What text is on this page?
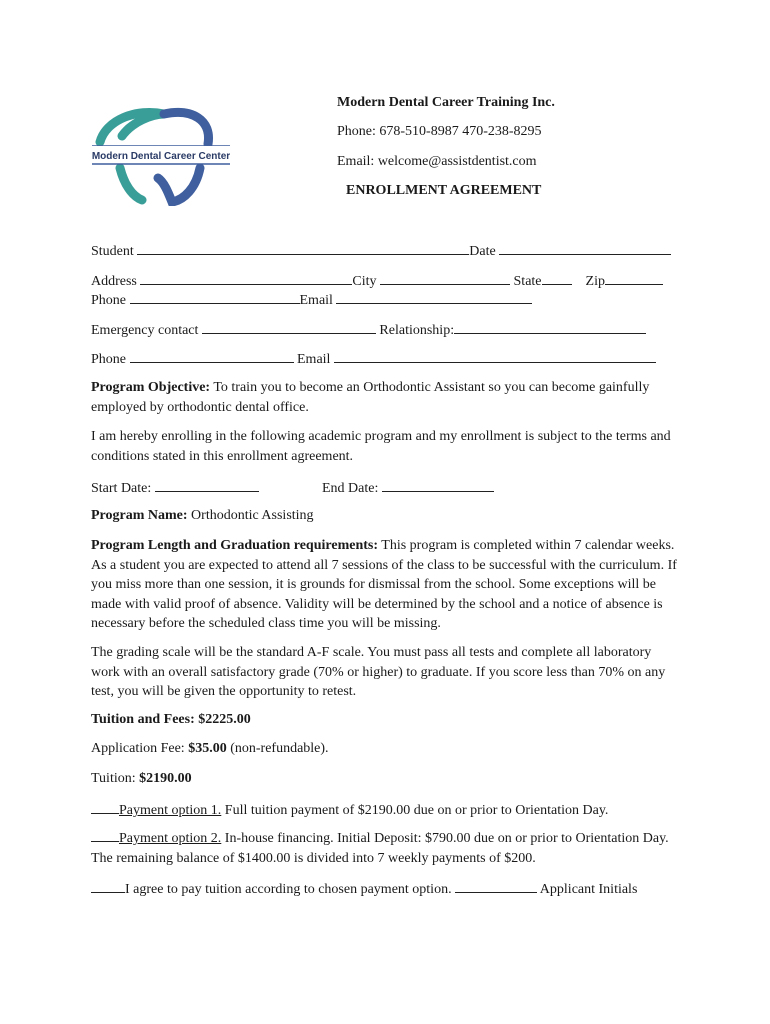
Modern Dental Career Center
Modern Dental Career Training Inc.
Phone: 678-510-8987 470-238-8295
Email: welcome@assistdentist.com
ENROLLMENT AGREEMENT
Student	Date
Address	City	State	Zip
Phone	Email
Emergency contact	Relationship:
Phone	Email
Program Objective: To train you to become an Orthodontic Assistant so you can become gainfully employed by orthodontic dental office.
I am hereby enrolling in the following academic program and my enrollment is subject to the terms and conditions stated in this enrollment agreement.
Start Date:	End Date:
Program Name: Orthodontic Assisting
Program Length and Graduation requirements: This program is completed within 7 calendar weeks. As a student you are expected to attend all 7 sessions of the class to be successful with the curriculum. If you miss more than one session, it is grounds for dismissal from the school. Some exceptions will be made with valid proof of absence. Validity will be determined by the school and a notice of absence is necessary before the scheduled class time you will be missing.
The grading scale will be the standard A-F scale. You must pass all tests and complete all laboratory work with an overall satisfactory grade (70% or higher) to graduate. If you score less than 70% on any test, you will be given the opportunity to retest.
Tuition and Fees: $2225.00
Application Fee: $35.00 (non-refundable).
Tuition: $2190.00
Payment option 1. Full tuition payment of $2190.00 due on or prior to Orientation Day.
Payment option 2. In-house financing. Initial Deposit: $790.00 due on or prior to Orientation Day. The remaining balance of $1400.00 is divided into 7 weekly payments of $200.
I agree to pay tuition according to chosen payment option.	Applicant Initials
